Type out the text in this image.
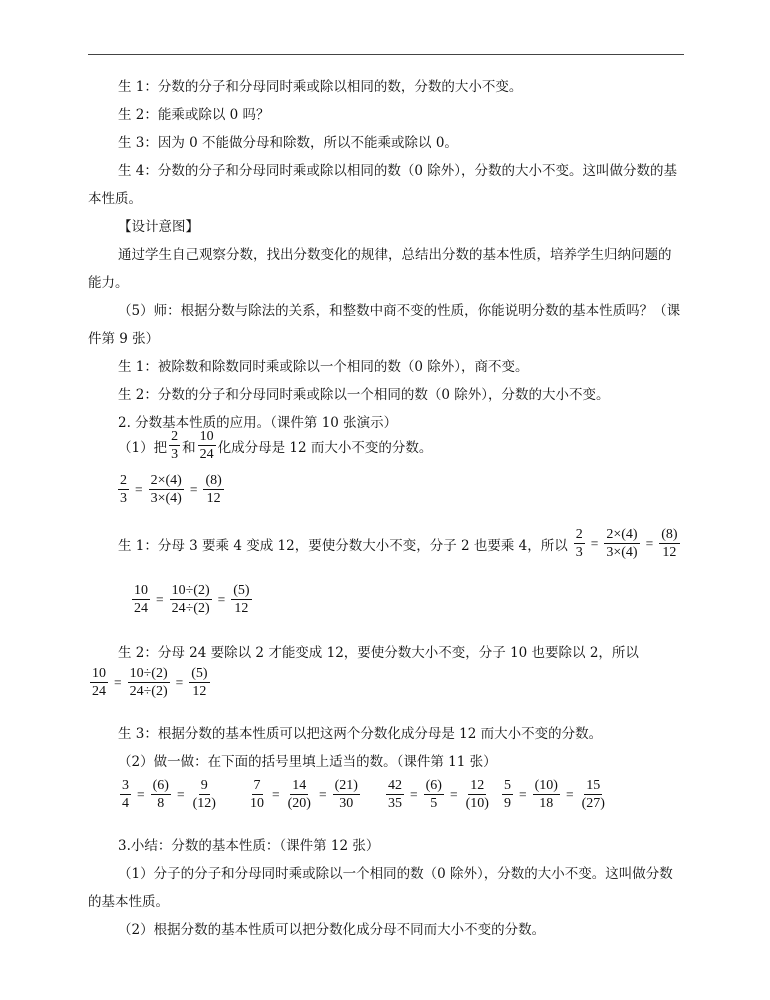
生 1：分数的分子和分母同时乘或除以相同的数，分数的大小不变。
生 2：能乘或除以 0 吗？
生 3：因为 0 不能做分母和除数，所以不能乘或除以 0。
生 4：分数的分子和分母同时乘或除以相同的数（0 除外），分数的大小不变。这叫做分数的基
本性质。
【设计意图】
通过学生自己观察分数，找出分数变化的规律，总结出分数的基本性质，培养学生归纳问题的
能力。
（5）师：根据分数与除法的关系，和整数中商不变的性质，你能说明分数的基本性质吗？（课
件第 9 张）
生 1：被除数和除数同时乘或除以一个相同的数（0 除外），商不变。
生 2：分数的分子和分母同时乘或除以一个相同的数（0 除外），分数的大小不变。
2. 分数基本性质的应用。（课件第 10 张演示）
（1）把 $\frac{2}{3}$ 和 $\frac{10}{24}$ 化成分母是 12 而大小不变的分数。
$\frac{2}{3} = \frac{2\times(4)}{3\times(4)} = \frac{(8)}{12}$
生 1：分母 3 要乘 4 变成 12，要使分数大小不变，分子 2 也要乘 4，所以 $\frac{2}{3} = \frac{2\times(4)}{3\times(4)} = \frac{(8)}{12}$
$\frac{10}{24} = \frac{10\div(2)}{24\div(2)} = \frac{(5)}{12}$
生 2：分母 24 要除以 2 才能变成 12，要使分数大小不变，分子 10 也要除以 2，所以
$\frac{10}{24} = \frac{10\div(2)}{24\div(2)} = \frac{(5)}{12}$
生 3：根据分数的基本性质可以把这两个分数化成分母是 12 而大小不变的分数。
（2）做一做：在下面的括号里填上适当的数。（课件第 11 张）
$\frac{3}{4} = \frac{(6)}{8} = \frac{9}{(12)} \frac{7}{10} = \frac{14}{(20)} = \frac{(21)}{30} \frac{42}{35} = \frac{(6)}{5} = \frac{12}{(10)} \frac{5}{9} = \frac{(10)}{18} = \frac{15}{(27)}$
3.小结：分数的基本性质：（课件第 12 张）
（1）分子的分子和分母同时乘或除以一个相同的数（0 除外），分数的大小不变。这叫做分数
的基本性质。
（2）根据分数的基本性质可以把分数化成分母不同而大小不变的分数。
